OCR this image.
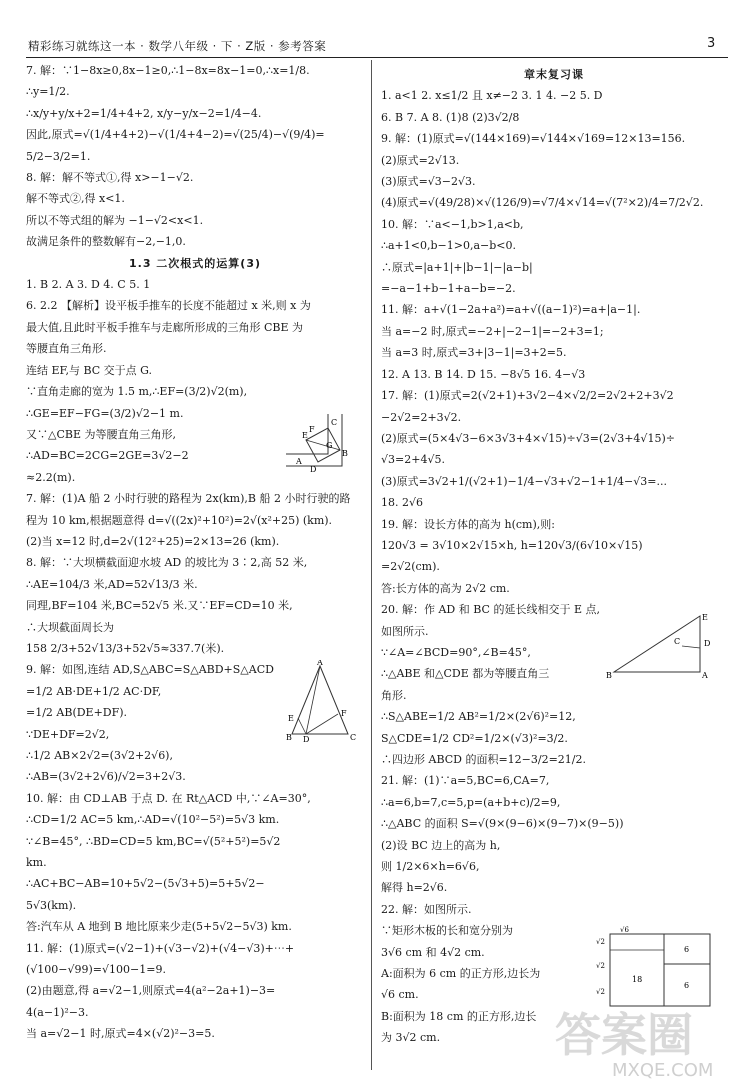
精彩练习就练这一本 · 数学八年级 · 下 · Z版 · 参考答案	3
7. 解：∵1−8x≥0,8x−1≥0,∴1−8x=8x−1=0,∴x=1/8.
∴y=1/2.
∴x/y+y/x+2=1/4+4+2, x/y−y/x−2=1/4−4.
因此,原式=√(1/4+4+2)−√(1/4+4−2)=√(25/4)−√(9/4)=
5/2−3/2=1.
8. 解：解不等式①,得 x>−1−√2.
解不等式②,得 x<1.
所以不等式组的解为 −1−√2<x<1.
故满足条件的整数解有−2,−1,0.
1.3 二次根式的运算(3)
1. B 2. A 3. D 4. C 5. 1
6. 2.2 【解析】设平板手推车的长度不能超过 x 米,则 x 为
最大值,且此时平板手推车与走廊所形成的三角形 CBE 为
等腰直角三角形.
连结 EF,与 BC 交于点 G.
∵直角走廊的宽为 1.5 m,∴EF=(3/2)√2(m),
∴GE=EF−FG=(3/2)√2−1 m.
又∵△CBE 为等腰直角三角形,
∴AD=BC=2CG=2GE=3√2−2
≈2.2(m).
7. 解：(1)A 船 2 小时行驶的路程为 2x(km),B 船 2 小时行驶的路
程为 10 km,根据题意得 d=√((2x)²+10²)=2√(x²+25) (km).
(2)当 x=12 时,d=2√(12²+25)=2×13=26 (km).
8. 解：∵大坝横截面迎水坡 AD 的坡比为 3∶2,高 52 米,
∴AE=104/3 米,AD=52√13/3 米.
同理,BF=104 米,BC=52√5 米.又∵EF=CD=10 米,
∴大坝截面周长为
158 2/3+52√13/3+52√5≈337.7(米).
9. 解：如图,连结 AD,S△ABC=S△ABD+S△ACD
=1/2 AB·DE+1/2 AC·DF,
=1/2 AB(DE+DF).
∵DE+DF=2√2,
∴1/2 AB×2√2=(3√2+2√6),
∴AB=(3√2+2√6)/√2=3+2√3.
10. 解：由 CD⊥AB 于点 D. 在 Rt△ACD 中,∵∠A=30°,
∴CD=1/2 AC=5 km,∴AD=√(10²−5²)=5√3 km.
∵∠B=45°, ∴BD=CD=5 km,BC=√(5²+5²)=5√2
km.
∴AC+BC−AB=10+5√2−(5√3+5)=5+5√2−
5√3(km).
答:汽车从 A 地到 B 地比原来少走(5+5√2−5√3) km.
11. 解：(1)原式=(√2−1)+(√3−√2)+(√4−√3)+⋯+
(√100−√99)=√100−1=9.
(2)由题意,得 a=√2−1,则原式=4(a²−2a+1)−3=
4(a−1)²−3.
当 a=√2−1 时,原式=4×(√2)²−3=5.
章末复习课
1. a<1 2. x≤1/2 且 x≠−2 3. 1 4. −2 5. D
6. B 7. A 8. (1)8 (2)3√2/8
9. 解：(1)原式=√(144×169)=√144×√169=12×13=156.
(2)原式=2√13.
(3)原式=√3−2√3.
(4)原式=√(49/28)×√(126/9)=√7/4×√14=√(7²×2)/4=7/2√2.
10. 解：∵a<−1,b>1,a<b,
∴a+1<0,b−1>0,a−b<0.
∴原式=|a+1|+|b−1|−|a−b|
=−a−1+b−1+a−b=−2.
11. 解：a+√(1−2a+a²)=a+√((a−1)²)=a+|a−1|.
当 a=−2 时,原式=−2+|−2−1|=−2+3=1;
当 a=3 时,原式=3+|3−1|=3+2=5.
12. A 13. B 14. D 15. −8√5 16. 4−√3
17. 解：(1)原式=2(√2+1)+3√2−4×√2/2=2√2+2+3√2
−2√2=2+3√2.
(2)原式=(5×4√3−6×3√3+4×√15)÷√3=(2√3+4√15)÷
√3=2+4√5.
(3)原式=3√2+1/(√2+1)−1/4−√3+√2−1+1/4−√3=...
18. 2√6
19. 解：设长方体的高为 h(cm),则:
120√3 = 3√10×2√15×h, h=120√3/(6√10×√15)
=2√2(cm).
答:长方体的高为 2√2 cm.
20. 解：作 AD 和 BC 的延长线相交于 E 点,
如图所示.
∵∠A=∠BCD=90°,∠B=45°,
∴△ABE 和△CDE 都为等腰直角三
角形.
∴S△ABE=1/2 AB²=1/2×(2√6)²=12,
S△CDE=1/2 CD²=1/2×(√3)²=3/2.
∴四边形 ABCD 的面积=12−3/2=21/2.
21. 解：(1)∵a=5,BC=6,CA=7,
∴a=6,b=7,c=5,p=(a+b+c)/2=9,
∴△ABC 的面积 S=√(9×(9−6)×(9−7)×(9−5))
(2)设 BC 边上的高为 h,
则 1/2×6×h=6√6,
解得 h=2√6.
22. 解：如图所示.
∵矩形木板的长和宽分别为
3√6 cm 和 4√2 cm.
A:面积为 6 cm 的正方形,边长为
√6 cm.
B:面积为 18 cm 的正方形,边长
为 3√2 cm.
E
F
G
C
B
D
A
A
E
F
B D	C
E
D
A
B
C
√6
√2
√2
√2
18
6
6
答案圈
MXQE.COM
